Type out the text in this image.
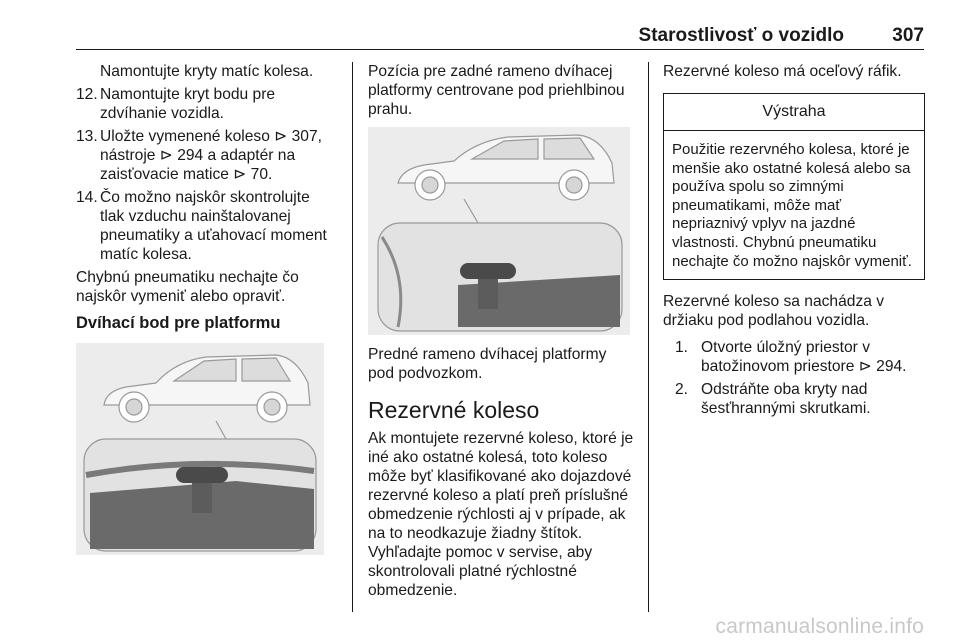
Starostlivosť o vozidlo	307

Namontujte kryty matíc kolesa.

12. Namontujte kryt bodu pre zdvíhanie vozidla.
13. Uložte vymenené koleso ⊳ 307, nástroje ⊳ 294 a adaptér na zaisťovacie matice ⊳ 70.
14. Čo možno najskôr skontrolujte tlak vzduchu nainštalovanej pneumatiky a uťahovací moment matíc kolesa.

Chybnú pneumatiku nechajte čo najskôr vymeniť alebo opraviť.

Dvíhací bod pre platformu

Pozícia pre zadné rameno dvíhacej platformy centrovane pod priehlbinou prahu.

Predné rameno dvíhacej platformy pod podvozkom.

Rezervné koleso

Ak montujete rezervné koleso, ktoré je iné ako ostatné kolesá, toto koleso môže byť klasifikované ako dojazdové rezervné koleso a platí preň príslušné obmedzenie rýchlosti aj v prípade, ak na to neodkazuje žiadny štítok. Vyhľadajte pomoc v servise, aby skontrolovali platné rýchlostné obmedzenie.

Rezervné koleso má oceľový ráfik.

Výstraha
Použitie rezervného kolesa, ktoré je menšie ako ostatné kolesá alebo sa používa spolu so zimnými pneumatikami, môže mať nepriaznivý vplyv na jazdné vlastnosti. Chybnú pneumatiku nechajte čo možno najskôr vymeniť.

Rezervné koleso sa nachádza v držiaku pod podlahou vozidla.

1. Otvorte úložný priestor v batožinovom priestore ⊳ 294.
2. Odstráňte oba kryty nad šesťhrannými skrutkami.
carmanualsonline.info
